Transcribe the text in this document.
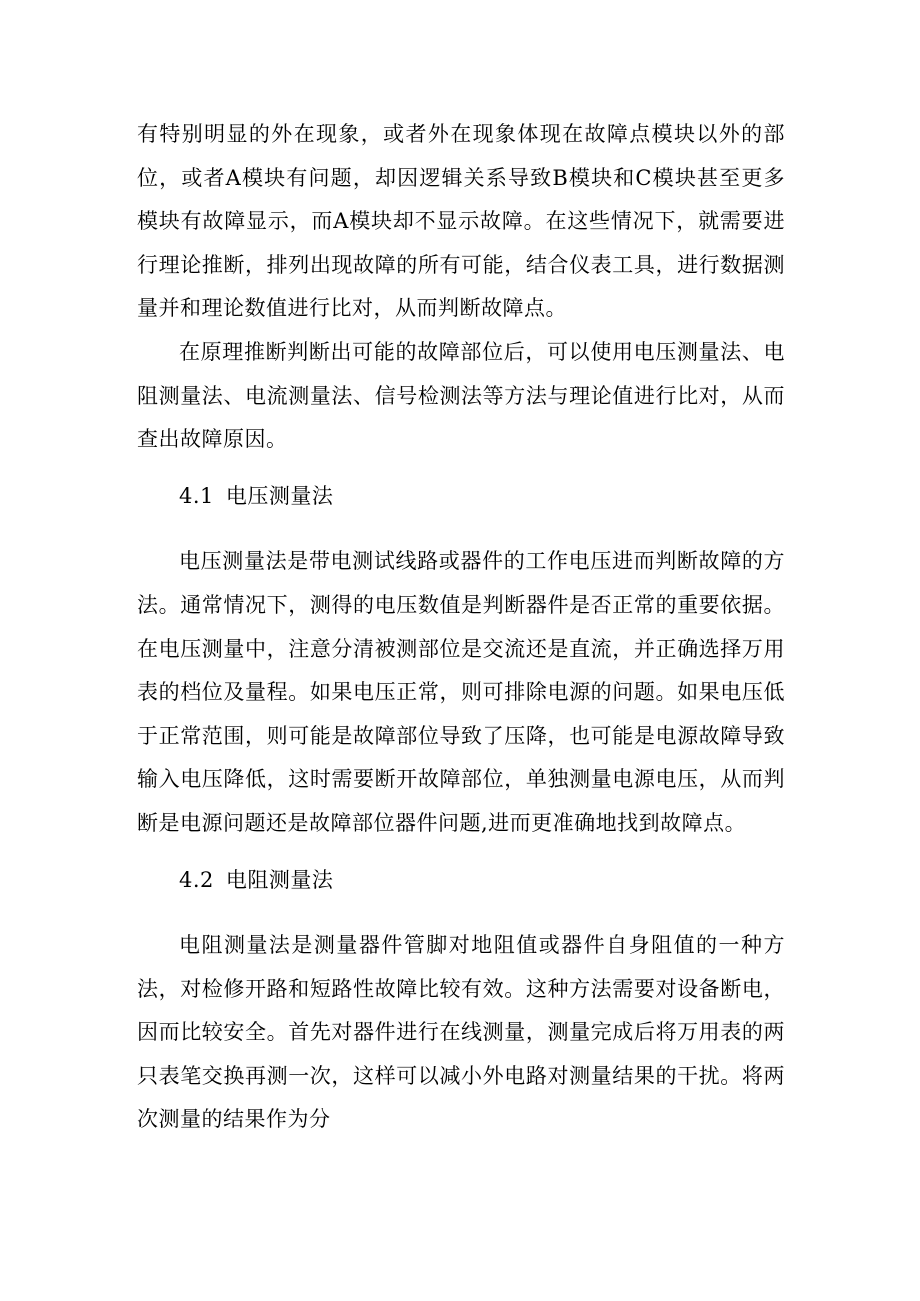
有特别明显的外在现象，或者外在现象体现在故障点模块以外的部位，或者A模块有问题，却因逻辑关系导致B模块和C模块甚至更多模块有故障显示，而A模块却不显示故障。在这些情况下，就需要进行理论推断，排列出现故障的所有可能，结合仪表工具，进行数据测量并和理论数值进行比对，从而判断故障点。

在原理推断判断出可能的故障部位后，可以使用电压测量法、电阻测量法、电流测量法、信号检测法等方法与理论值进行比对，从而查出故障原因。

4.1 电压测量法

电压测量法是带电测试线路或器件的工作电压进而判断故障的方法。通常情况下，测得的电压数值是判断器件是否正常的重要依据。在电压测量中，注意分清被测部位是交流还是直流，并正确选择万用表的档位及量程。如果电压正常，则可排除电源的问题。如果电压低于正常范围，则可能是故障部位导致了压降，也可能是电源故障导致输入电压降低，这时需要断开故障部位，单独测量电源电压，从而判断是电源问题还是故障部位器件问题,进而更准确地找到故障点。

4.2 电阻测量法

电阻测量法是测量器件管脚对地阻值或器件自身阻值的一种方法，对检修开路和短路性故障比较有效。这种方法需要对设备断电，因而比较安全。首先对器件进行在线测量，测量完成后将万用表的两只表笔交换再测一次，这样可以减小外电路对测量结果的干扰。将两次测量的结果作为分
